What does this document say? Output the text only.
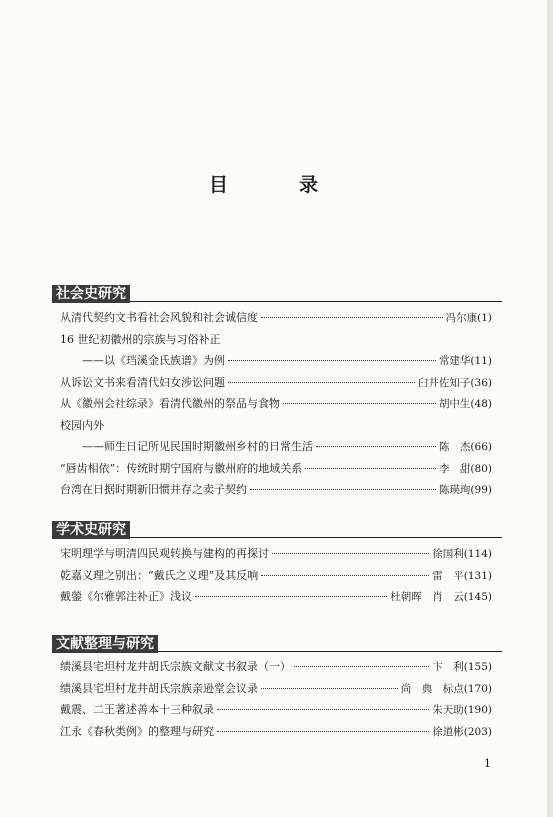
目　录
社会史研究
从清代契约文书看社会风貌和社会诚信度	冯尔康(1)
16 世纪初徽州的宗族与习俗补正
——以《珰溪金氏族谱》为例	常建华(11)
从诉讼文书来看清代妇女涉讼问题	臼井佐知子(36)
从《徽州会社综录》看清代徽州的祭品与食物	胡中生(48)
校园内外
——师生日记所见民国时期徽州乡村的日常生活	陈　杰(66)
“唇齿相依”：传统时期宁国府与徽州府的地域关系	李　甜(80)
台湾在日据时期新旧惯并存之卖子契约	陈瑛珣(99)
学术史研究
宋明理学与明清四民观转换与建构的再探讨	徐国利(114)
乾嘉义理之别出：“戴氏之义理”及其反响	雷　平(131)
戴鎣《尔雅郭注补正》浅议	杜朝晖　肖　云(145)
文献整理与研究
绩溪县宅坦村龙井胡氏宗族文献文书叙录（一）	卞　利(155)
绩溪县宅坦村龙井胡氏宗族亲逊堂会议录	尚　典　标点(170)
戴震、二王著述善本十三种叙录	朱天助(190)
江永《春秋类例》的整理与研究	徐道彬(203)
1
